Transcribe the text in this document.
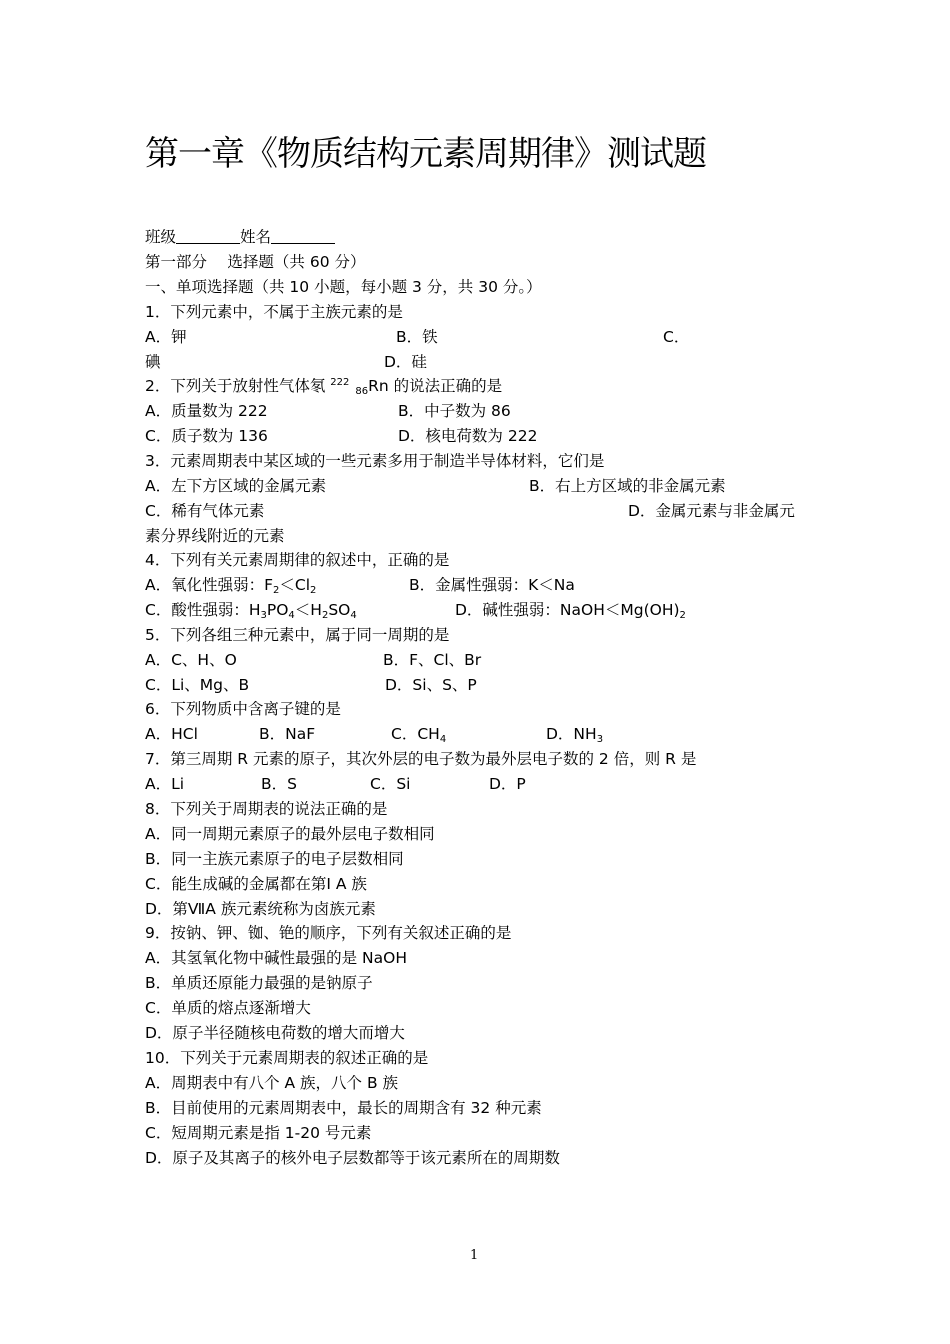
第一章《物质结构元素周期律》测试题
班级	姓名
第一部分　 选择题（共 60 分）
一、单项选择题（共 10 小题，每小题 3 分，共 30 分。）
1．下列元素中，不属于主族元素的是
A．钾	B．铁	C．
碘	D．硅
2．下列关于放射性气体氡 $^{222}_{86}$Rn 的说法正确的是
A．质量数为 222	B．中子数为 86
C．质子数为 136	D．核电荷数为 222
3．元素周期表中某区域的一些元素多用于制造半导体材料，它们是
A．左下方区域的金属元素	B．右上方区域的非金属元素
C．稀有气体元素	D．金属元素与非金属元
素分界线附近的元素
4．下列有关元素周期律的叙述中，正确的是
A．氧化性强弱：$F_2<Cl_2$	B．金属性强弱：K＜Na
C．酸性强弱：$H_3PO_4<H_2SO_4$	D．碱性强弱：$NaOH<Mg(OH)_2$
5．下列各组三种元素中，属于同一周期的是
A．C、H、O	B．F、Cl、Br
C．Li、Mg、B	D．Si、S、P
6．下列物质中含离子键的是
A．HCl	B．NaF	C．$CH_4$	D．$NH_3$
7．第三周期 R 元素的原子，其次外层的电子数为最外层电子数的 2 倍，则 R 是
A．Li	B．S	C．Si	D．P
8．下列关于周期表的说法正确的是
A．同一周期元素原子的最外层电子数相同
B．同一主族元素原子的电子层数相同
C．能生成碱的金属都在第Ⅰ A 族
D．第ⅦA 族元素统称为卤族元素
9．按钠、钾、铷、铯的顺序，下列有关叙述正确的是
A．其氢氧化物中碱性最强的是 NaOH
B．单质还原能力最强的是钠原子
C．单质的熔点逐渐增大
D．原子半径随核电荷数的增大而增大
10．下列关于元素周期表的叙述正确的是
A．周期表中有八个 A 族，八个 B 族
B．目前使用的元素周期表中，最长的周期含有 32 种元素
C．短周期元素是指 1-20 号元素
D．原子及其离子的核外电子层数都等于该元素所在的周期数
1
